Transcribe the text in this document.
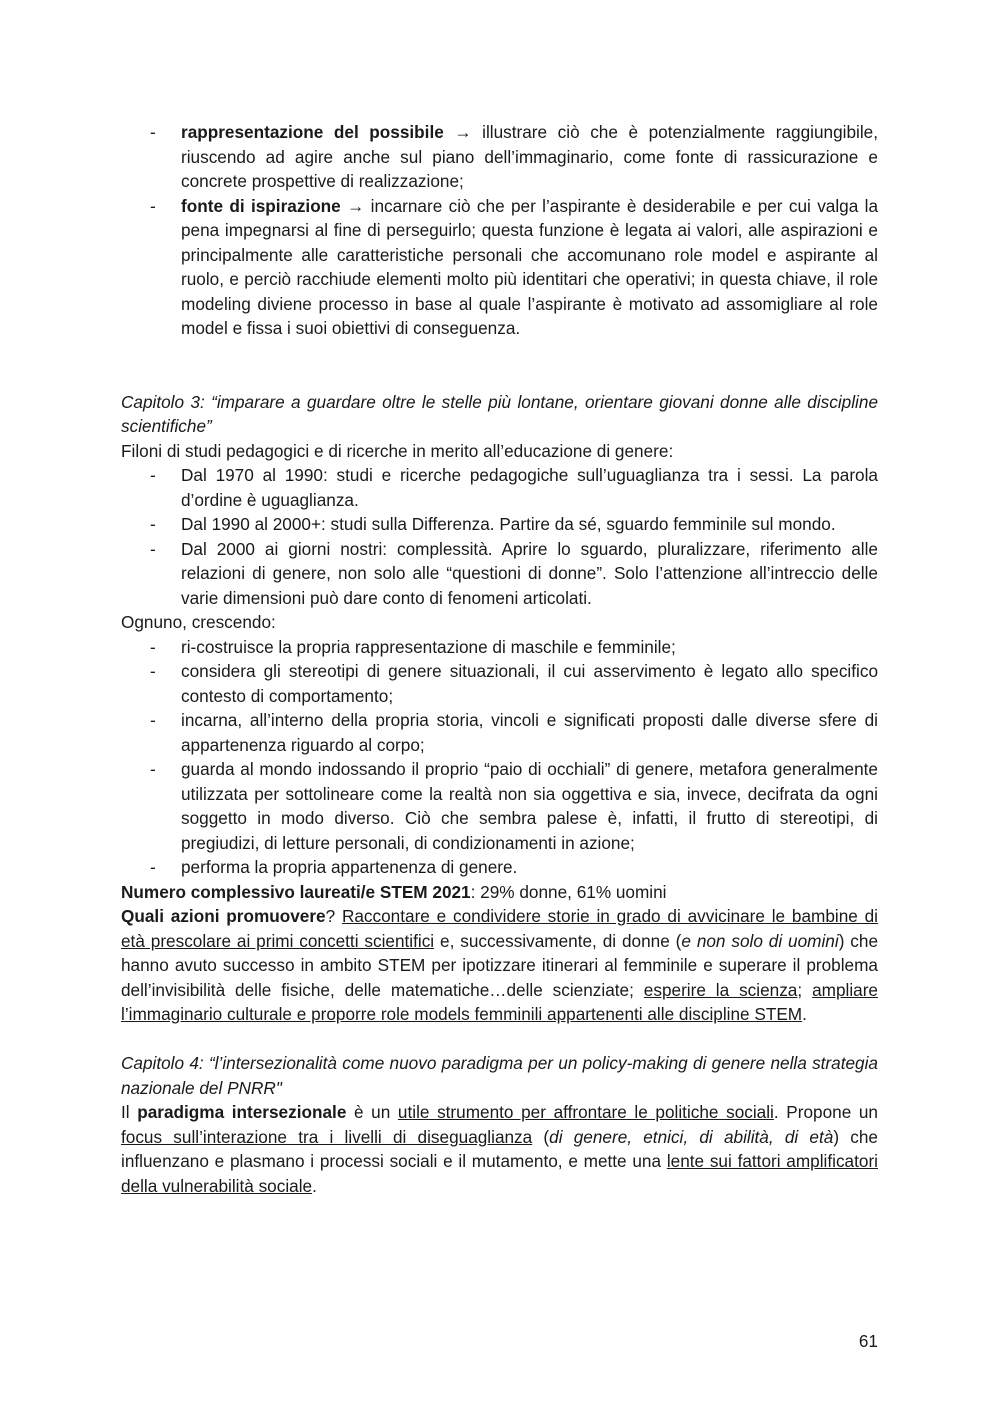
- rappresentazione del possibile → illustrare ciò che è potenzialmente raggiungibile, riuscendo ad agire anche sul piano dell’immaginario, come fonte di rassicurazione e concrete prospettive di realizzazione;
- fonte di ispirazione → incarnare ciò che per l’aspirante è desiderabile e per cui valga la pena impegnarsi al fine di perseguirlo; questa funzione è legata ai valori, alle aspirazioni e principalmente alle caratteristiche personali che accomunano role model e aspirante al ruolo, e perciò racchiude elementi molto più identitari che operativi; in questa chiave, il role modeling diviene processo in base al quale l’aspirante è motivato ad assomigliare al role model e fissa i suoi obiettivi di conseguenza.
Capitolo 3: “imparare a guardare oltre le stelle più lontane, orientare giovani donne alle discipline scientifiche”
Filoni di studi pedagogici e di ricerche in merito all’educazione di genere:
- Dal 1970 al 1990: studi e ricerche pedagogiche sull’uguaglianza tra i sessi. La parola d’ordine è uguaglianza.
- Dal 1990 al 2000+: studi sulla Differenza. Partire da sé, sguardo femminile sul mondo.
- Dal 2000 ai giorni nostri: complessità. Aprire lo sguardo, pluralizzare, riferimento alle relazioni di genere, non solo alle “questioni di donne”. Solo l’attenzione all’intreccio delle varie dimensioni può dare conto di fenomeni articolati.
Ognuno, crescendo:
- ri-costruisce la propria rappresentazione di maschile e femminile;
- considera gli stereotipi di genere situazionali, il cui asservimento è legato allo specifico contesto di comportamento;
- incarna, all’interno della propria storia, vincoli e significati proposti dalle diverse sfere di appartenenza riguardo al corpo;
- guarda al mondo indossando il proprio “paio di occhiali” di genere, metafora generalmente utilizzata per sottolineare come la realtà non sia oggettiva e sia, invece, decifrata da ogni soggetto in modo diverso. Ciò che sembra palese è, infatti, il frutto di stereotipi, di pregiudizi, di letture personali, di condizionamenti in azione;
- performa la propria appartenenza di genere.
Numero complessivo laureati/e STEM 2021: 29% donne, 61% uomini
Quali azioni promuovere? Raccontare e condividere storie in grado di avvicinare le bambine di età prescolare ai primi concetti scientifici e, successivamente, di donne (e non solo di uomini) che hanno avuto successo in ambito STEM per ipotizzare itinerari al femminile e superare il problema dell’invisibilità delle fisiche, delle matematiche…delle scienziate; esperire la scienza; ampliare l’immaginario culturale e proporre role models femminili appartenenti alle discipline STEM.
Capitolo 4: “l’intersezionalità come nuovo paradigma per un policy-making di genere nella strategia nazionale del PNRR"
Il paradigma intersezionale è un utile strumento per affrontare le politiche sociali. Propone un focus sull’interazione tra i livelli di diseguaglianza (di genere, etnici, di abilità, di età) che influenzano e plasmano i processi sociali e il mutamento, e mette una lente sui fattori amplificatori della vulnerabilità sociale.
61
